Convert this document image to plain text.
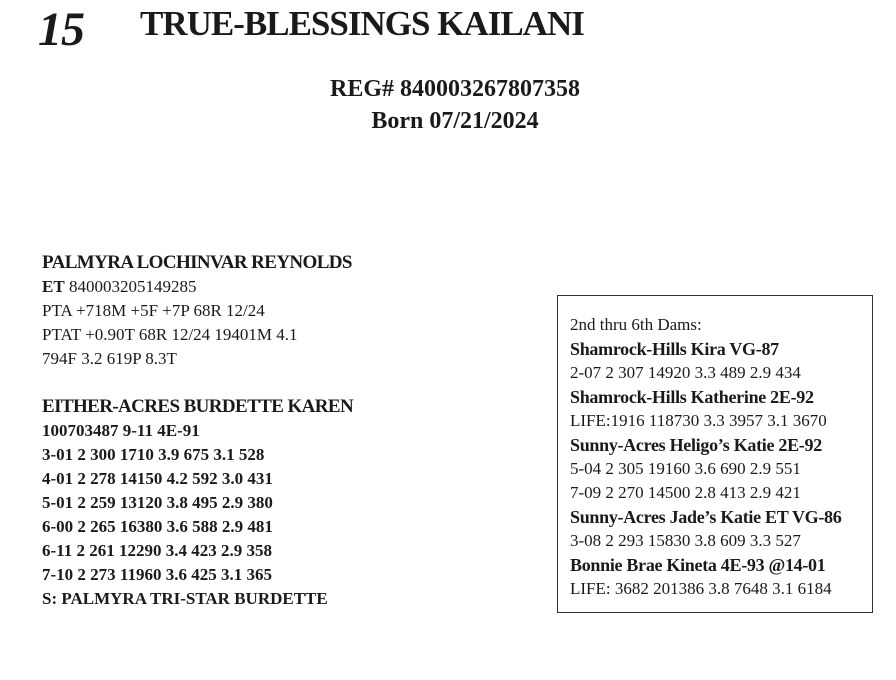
15 TRUE-BLESSINGS KAILANI
REG# 840003267807358
Born 07/21/2024
PALMYRA LOCHINVAR REYNOLDS
ET 840003205149285
PTA +718M +5F +7P 68R 12/24
PTAT +0.90T 68R 12/24 19401M 4.1
794F 3.2 619P 8.3T
EITHER-ACRES BURDETTE KAREN
100703487 9-11 4E-91
3-01 2 300 1710 3.9 675 3.1 528
4-01 2 278 14150 4.2 592 3.0 431
5-01 2 259 13120 3.8 495 2.9 380
6-00 2 265 16380 3.6 588 2.9 481
6-11 2 261 12290 3.4 423 2.9 358
7-10 2 273 11960 3.6 425 3.1 365
S: PALMYRA TRI-STAR BURDETTE
2nd thru 6th Dams:
Shamrock-Hills Kira VG-87
2-07 2 307 14920 3.3 489 2.9 434
Shamrock-Hills Katherine 2E-92
LIFE:1916 118730 3.3 3957 3.1 3670
Sunny-Acres Heligo’s Katie 2E-92
5-04 2 305 19160 3.6 690 2.9 551
7-09 2 270 14500 2.8 413 2.9 421
Sunny-Acres Jade’s Katie ET VG-86
3-08 2 293 15830 3.8 609 3.3 527
Bonnie Brae Kineta 4E-93 @14-01
LIFE: 3682 201386 3.8 7648 3.1 6184
